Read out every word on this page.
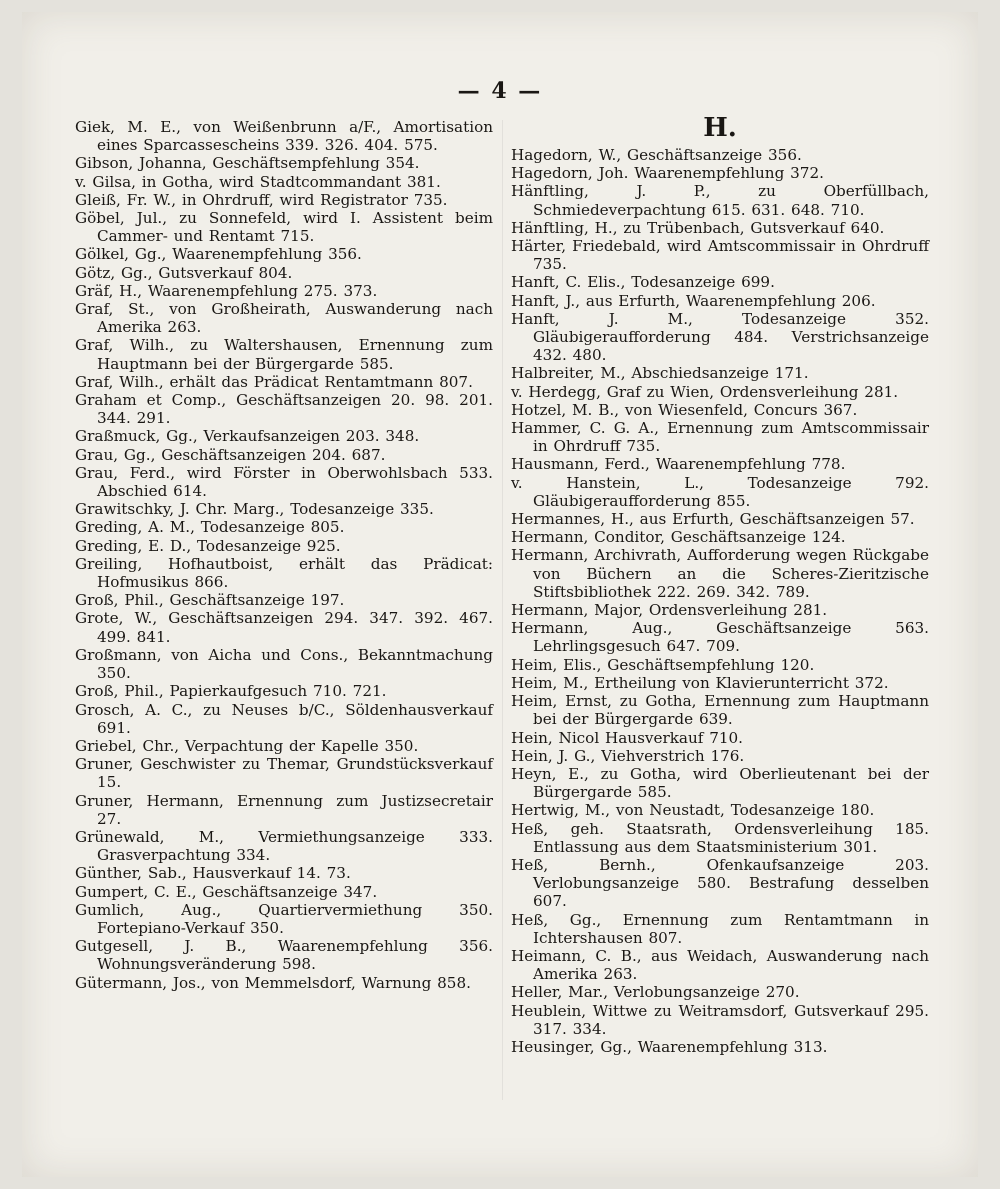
— 4 —

Giek, M. E., von Weißenbrunn a/F., Amortisation eines Sparcassescheins 339. 326. 404. 575.

Gibson, Johanna, Geschäftsempfehlung 354.

v. Gilsa, in Gotha, wird Stadtcommandant 381.

Gleiß, Fr. W., in Ohrdruff, wird Registrator 735.

Göbel, Jul., zu Sonnefeld, wird I. Assistent beim Cammer- und Rentamt 715.

Gölkel, Gg., Waarenempfehlung 356.

Götz, Gg., Gutsverkauf 804.

Gräf, H., Waarenempfehlung 275. 373.

Graf, St., von Großheirath, Auswanderung nach Amerika 263.

Graf, Wilh., zu Waltershausen, Ernennung zum Hauptmann bei der Bürgergarde 585.

Graf, Wilh., erhält das Prädicat Rentamtmann 807.

Graham et Comp., Geschäftsanzeigen 20. 98. 201. 344. 291.

Graßmuck, Gg., Verkaufsanzeigen 203. 348.

Grau, Gg., Geschäftsanzeigen 204. 687.

Grau, Ferd., wird Förster in Oberwohlsbach 533. Abschied 614.

Grawitschky, J. Chr. Marg., Todesanzeige 335.

Greding, A. M., Todesanzeige 805.

Greding, E. D., Todesanzeige 925.

Greiling, Hofhautboist, erhält das Prädicat: Hofmusikus 866.

Groß, Phil., Geschäftsanzeige 197.

Grote, W., Geschäftsanzeigen 294. 347. 392. 467. 499. 841.

Großmann, von Aicha und Cons., Bekanntmachung 350.

Groß, Phil., Papierkaufgesuch 710. 721.

Grosch, A. C., zu Neuses b/C., Söldenhausverkauf 691.

Griebel, Chr., Verpachtung der Kapelle 350.

Gruner, Geschwister zu Themar, Grundstücksverkauf 15.

Gruner, Hermann, Ernennung zum Justizsecretair 27.

Grünewald, M., Vermiethungsanzeige 333. Grasverpachtung 334.

Günther, Sab., Hausverkauf 14. 73.

Gumpert, C. E., Geschäftsanzeige 347.

Gumlich, Aug., Quartiervermiethung 350. Fortepiano-Verkauf 350.

Gutgesell, J. B., Waarenempfehlung 356. Wohnungsveränderung 598.

Gütermann, Jos., von Memmelsdorf, Warnung 858.

H.

Hagedorn, W., Geschäftsanzeige 356.

Hagedorn, Joh. Waarenempfehlung 372.

Hänftling, J. P., zu Oberfüllbach, Schmiedeverpachtung 615. 631. 648. 710.

Hänftling, H., zu Trübenbach, Gutsverkauf 640.

Härter, Friedebald, wird Amtscommissair in Ohrdruff 735.

Hanft, C. Elis., Todesanzeige 699.

Hanft, J., aus Erfurth, Waarenempfehlung 206.

Hanft, J. M., Todesanzeige 352. Gläubigeraufforderung 484. Verstrichsanzeige 432. 480.

Halbreiter, M., Abschiedsanzeige 171.

v. Herdegg, Graf zu Wien, Ordensverleihung 281.

Hotzel, M. B., von Wiesenfeld, Concurs 367.

Hammer, C. G. A., Ernennung zum Amtscommissair in Ohrdruff 735.

Hausmann, Ferd., Waarenempfehlung 778.

v. Hanstein, L., Todesanzeige 792. Gläubigeraufforderung 855.

Hermannes, H., aus Erfurth, Geschäftsanzeigen 57.

Hermann, Conditor, Geschäftsanzeige 124.

Hermann, Archivrath, Aufforderung wegen Rückgabe von Büchern an die Scheres-Zieritzische Stiftsbibliothek 222. 269. 342. 789.

Hermann, Major, Ordensverleihung 281.

Hermann, Aug., Geschäftsanzeige 563. Lehrlingsgesuch 647. 709.

Heim, Elis., Geschäftsempfehlung 120.

Heim, M., Ertheilung von Klavierunterricht 372.

Heim, Ernst, zu Gotha, Ernennung zum Hauptmann bei der Bürgergarde 639.

Hein, Nicol Hausverkauf 710.

Hein, J. G., Viehverstrich 176.

Heyn, E., zu Gotha, wird Oberlieutenant bei der Bürgergarde 585.

Hertwig, M., von Neustadt, Todesanzeige 180.

Heß, geh. Staatsrath, Ordensverleihung 185. Entlassung aus dem Staatsministerium 301.

Heß, Bernh., Ofenkaufsanzeige 203. Verlobungsanzeige 580. Bestrafung desselben 607.

Heß, Gg., Ernennung zum Rentamtmann in Ichtershausen 807.

Heimann, C. B., aus Weidach, Auswanderung nach Amerika 263.

Heller, Mar., Verlobungsanzeige 270.

Heublein, Wittwe zu Weitramsdorf, Gutsverkauf 295. 317. 334.

Heusinger, Gg., Waarenempfehlung 313.
